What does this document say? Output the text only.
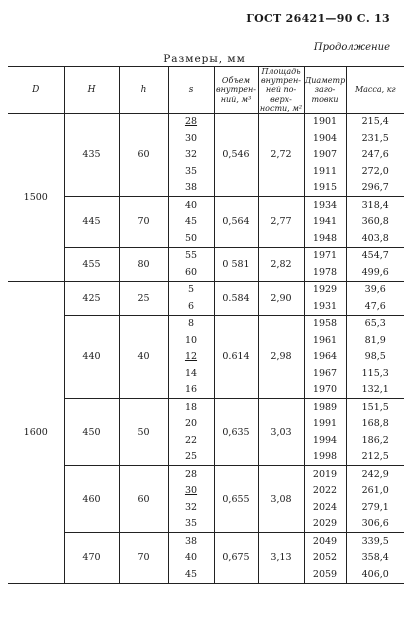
ГОСТ 26421—90 С. 13
Продолжение
Размеры, мм
D	H	h	s	Объем внутрен-ний, м³	Площадь внутрен-ней по-верх-ности, м²	Диаметр заго-товки	Масса, кг
1500	435	60	28	0,546	2,72	1901	215,4
			30			1904	231,5
			32			1907	247,6
			35			1911	272,0
			38			1915	296,7
	445	70	40	0,564	2,77	1934	318,4
			45			1941	360,8
			50			1948	403,8
	455	80	55	0 581	2,82	1971	454,7
			60			1978	499,6
1600	425	25	5	0.584	2,90	1929	39,6
			6			1931	47,6
	440	40	8	0.614	2,98	1958	65,3
			10			1961	81,9
			12			1964	98,5
			14			1967	115,3
			16			1970	132,1
	450	50	18	0,635	3,03	1989	151,5
			20			1991	168,8
			22			1994	186,2
			25			1998	212,5
	460	60	28	0,655	3,08	2019	242,9
			30			2022	261,0
			32			2024	279,1
			35			2029	306,6
	470	70	38	0,675	3,13	2049	339,5
			40			2052	358,4
			45			2059	406,0
